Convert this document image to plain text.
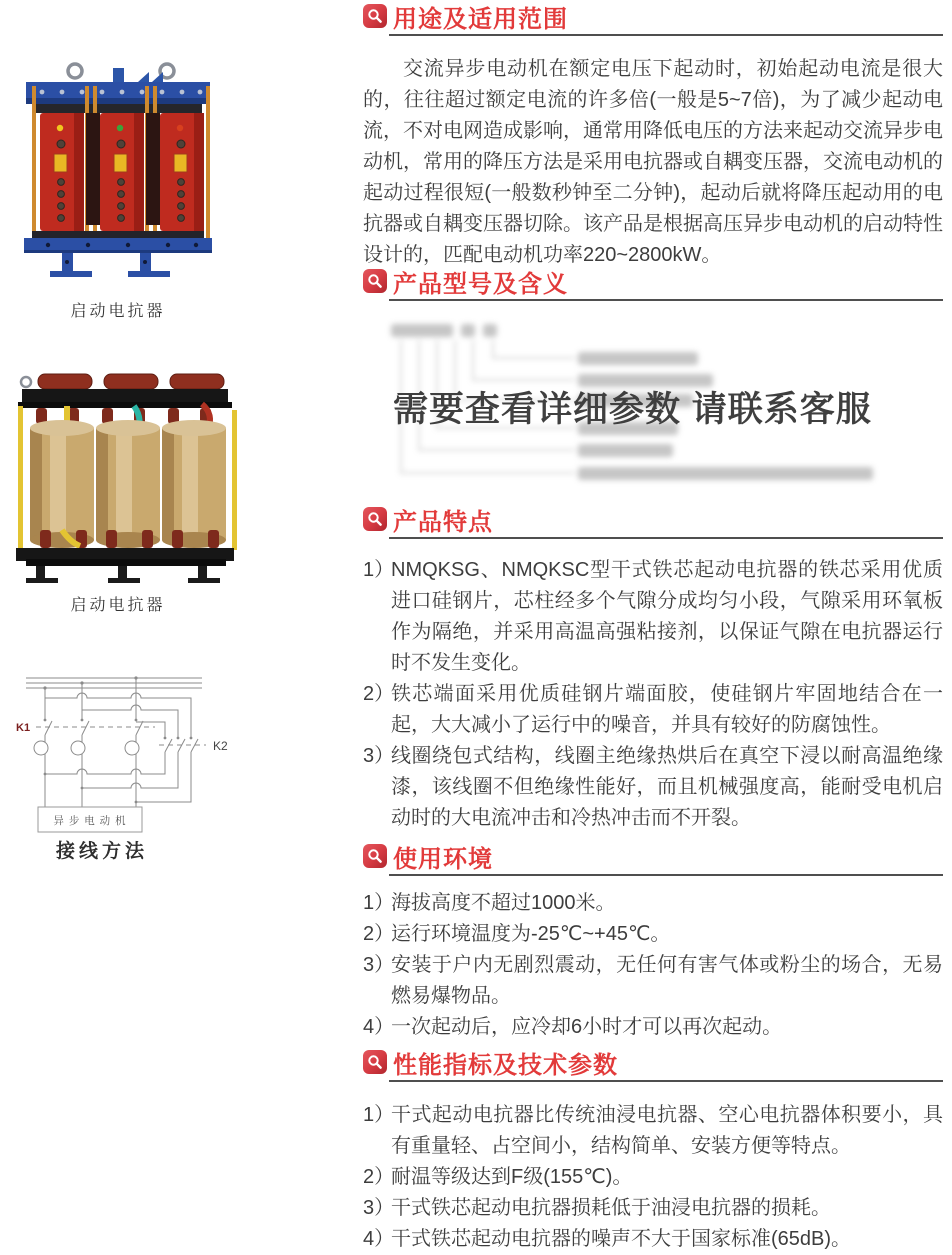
启动电抗器
启动电抗器
K1
K2
异 步 电 动 机
接线方法
用途及适用范围
交流异步电动机在额定电压下起动时，初始起动电流是很大的，往往超过额定电流的许多倍(一般是5~7倍)，为了减少起动电流，不对电网造成影响，通常用降低电压的方法来起动交流异步电动机，常用的降压方法是采用电抗器或自耦变压器，交流电动机的起动过程很短(一般数秒钟至二分钟)，起动后就将降压起动用的电抗器或自耦变压器切除。该产品是根据高压异步电动机的启动特性设计的，匹配电动机功率220~2800kW。
产品型号及含义
需要查看详细参数 请联系客服
产品特点
1）
NMQKSG、NMQKSC型干式铁芯起动电抗器的铁芯采用优质进口硅钢片，芯柱经多个气隙分成均匀小段，气隙采用环氧板作为隔绝，并采用高温高强粘接剂，以保证气隙在电抗器运行时不发生变化。
2）
铁芯端面采用优质硅钢片端面胶，使硅钢片牢固地结合在一起，大大减小了运行中的噪音，并具有较好的防腐蚀性。
3）
线圈绕包式结构，线圈主绝缘热烘后在真空下浸以耐高温绝缘漆，该线圈不但绝缘性能好，而且机械强度高，能耐受电机启动时的大电流冲击和冷热冲击而不开裂。
使用环境
1）
海拔高度不超过1000米。
2）
运行环境温度为-25℃~+45℃。
3）
安装于户内无剧烈震动，无任何有害气体或粉尘的场合，无易燃易爆物品。
4）
一次起动后，应冷却6小时才可以再次起动。
性能指标及技术参数
1）
干式起动电抗器比传统油浸电抗器、空心电抗器体积要小，具有重量轻、占空间小，结构简单、安装方便等特点。
2）
耐温等级达到F级(155℃)。
3）
干式铁芯起动电抗器损耗低于油浸电抗器的损耗。
4）
干式铁芯起动电抗器的噪声不大于国家标准(65dB)。
